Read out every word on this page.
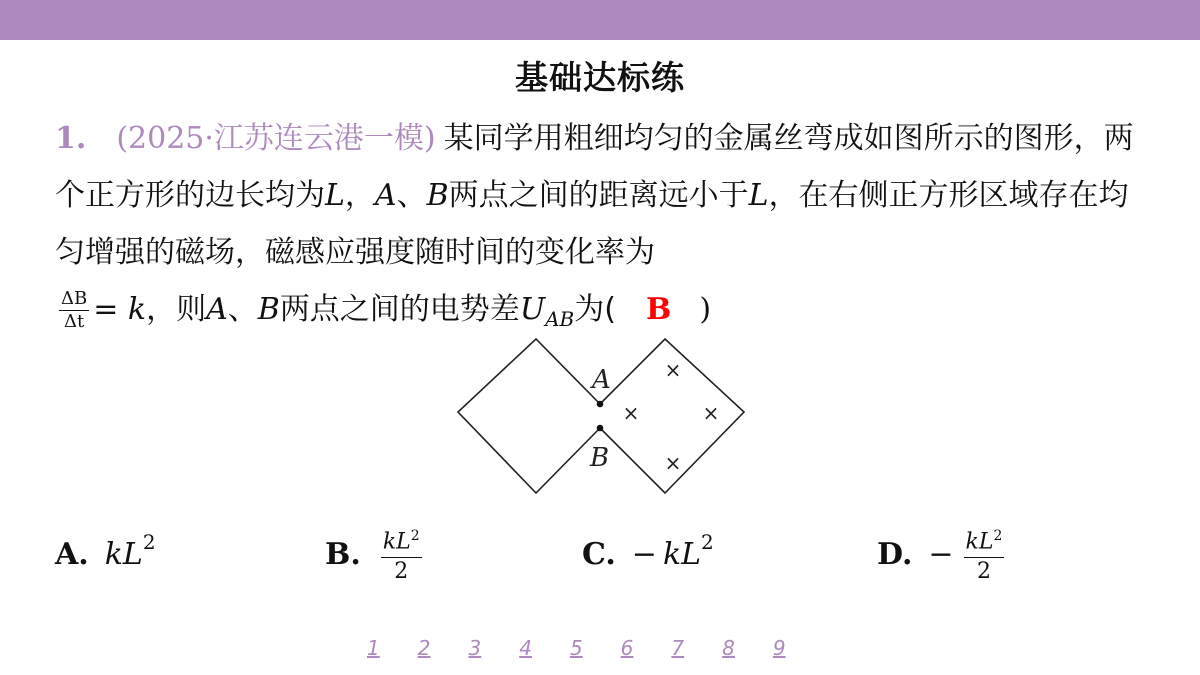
基础达标练
1. (2025·江苏连云港一模) 某同学用粗细均匀的金属丝弯成如图所示的图形，两个正方形的边长均为L，A、B两点之间的距离远小于L，在右侧正方形区域存在均匀增强的磁场，磁感应强度随时间的变化率为

$\frac{\Delta B}{\Delta t} = k$，则A、B两点之间的电势差$U_{AB}$为( B )
A
B
×
×	×
×
A. $kL^2$	B. $\frac{kL^2}{2}$	C. − $kL^2$	D. − $\frac{kL^2}{2}$
1 2 3 4 5 6 7 8 9
